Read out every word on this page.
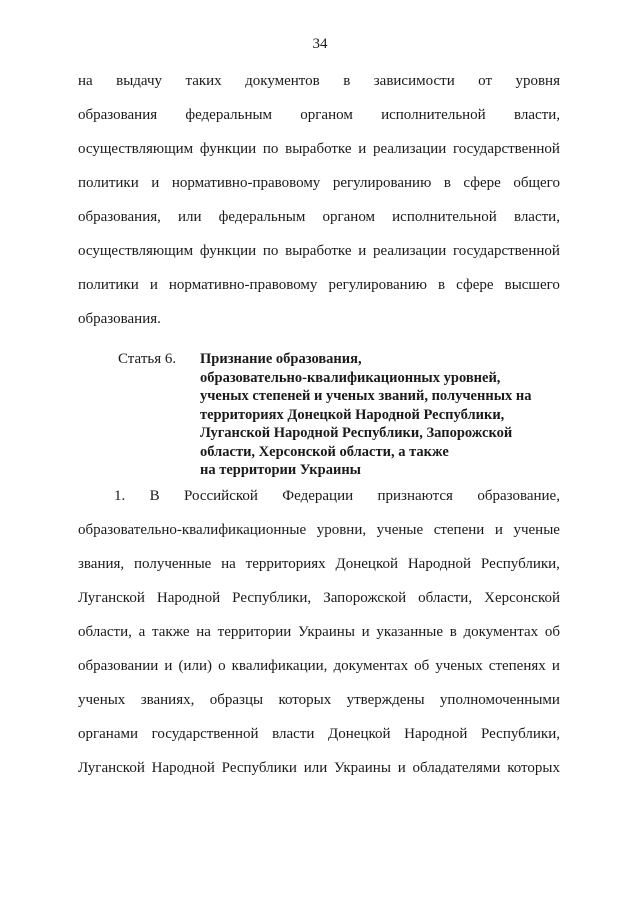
34
на выдачу таких документов в зависимости от уровня
образования федеральным органом исполнительной власти,
осуществляющим функции по выработке и реализации государственной
политики и нормативно-правовому регулированию в сфере общего
образования, или федеральным органом исполнительной власти,
осуществляющим функции по выработке и реализации государственной
политики и нормативно-правовому регулированию в сфере высшего
образования.
Статья 6. Признание образования,
образовательно-квалификационных уровней,
ученых степеней и ученых званий, полученных на
территориях Донецкой Народной Республики,
Луганской Народной Республики, Запорожской
области, Херсонской области, а также
на территории Украины
1. В Российской Федерации признаются образование,
образовательно-квалификационные уровни, ученые степени и ученые
звания, полученные на территориях Донецкой Народной Республики,
Луганской Народной Республики, Запорожской области, Херсонской
области, а также на территории Украины и указанные в документах об
образовании и (или) о квалификации, документах об ученых степенях и
ученых званиях, образцы которых утверждены уполномоченными
органами государственной власти Донецкой Народной Республики,
Луганской Народной Республики или Украины и обладателями которых
